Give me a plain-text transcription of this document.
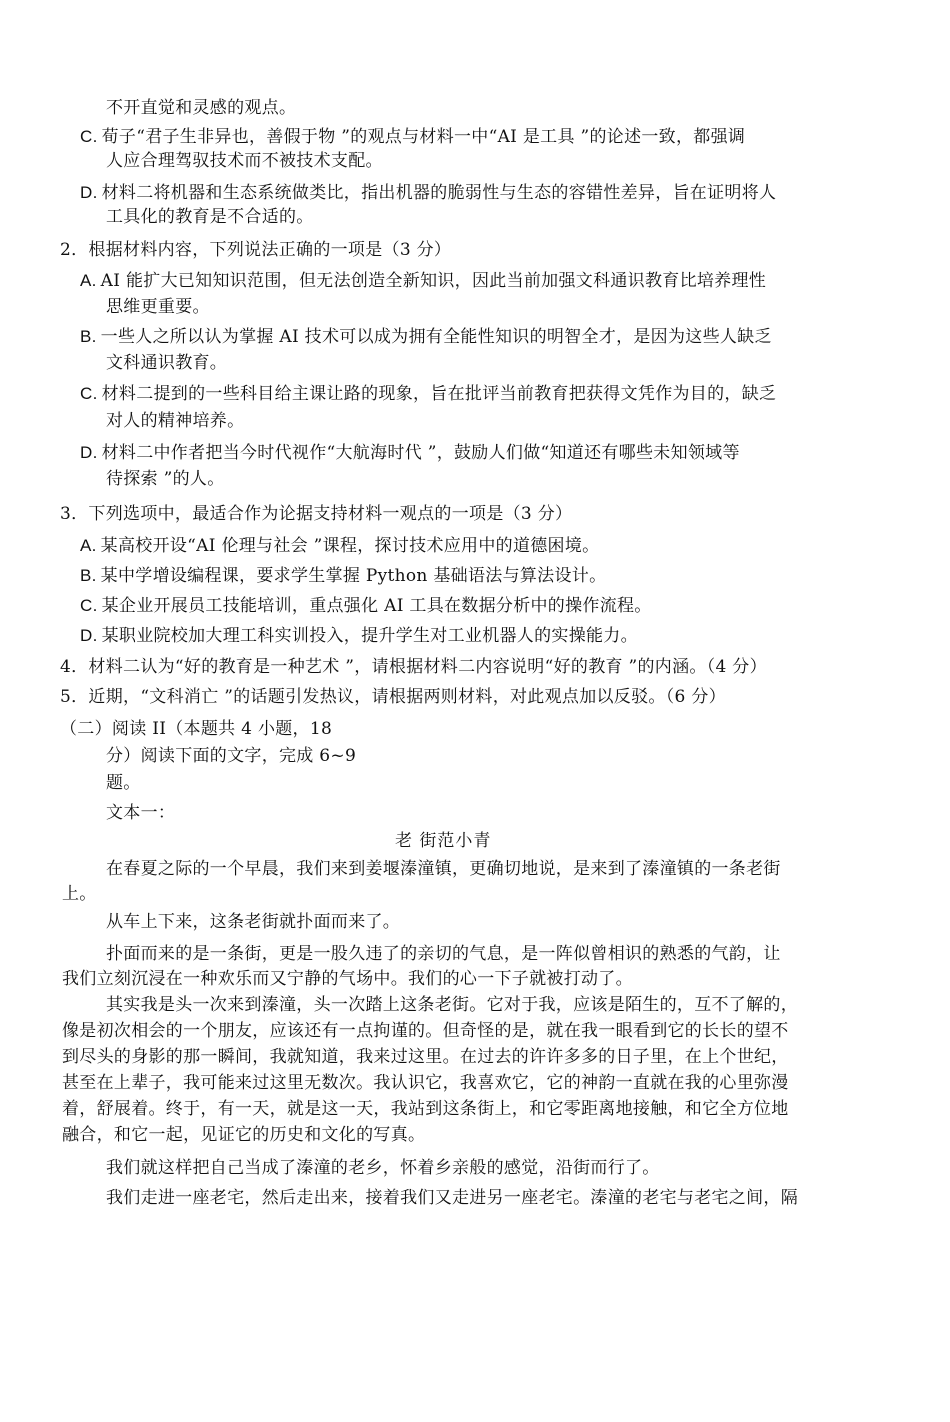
不开直觉和灵感的观点。
C. 荀子“君子生非异也，善假于物 ”的观点与材料一中“AI 是工具 ”的论述一致，都强调
人应合理驾驭技术而不被技术支配。
D. 材料二将机器和生态系统做类比，指出机器的脆弱性与生态的容错性差异，旨在证明将人
工具化的教育是不合适的。
2．根据材料内容，下列说法正确的一项是（3 分）
A. AI 能扩大已知知识范围，但无法创造全新知识，因此当前加强文科通识教育比培养理性
思维更重要。
B. 一些人之所以认为掌握 AI 技术可以成为拥有全能性知识的明智全才，是因为这些人缺乏
文科通识教育。
C. 材料二提到的一些科目给主课让路的现象，旨在批评当前教育把获得文凭作为目的，缺乏
对人的精神培养。
D. 材料二中作者把当今时代视作“大航海时代 ”，鼓励人们做“知道还有哪些未知领域等
待探索 ”的人。
3．下列选项中，最适合作为论据支持材料一观点的一项是（3 分）
A. 某高校开设“AI 伦理与社会 ”课程，探讨技术应用中的道德困境。
B. 某中学增设编程课，要求学生掌握 Python 基础语法与算法设计。
C. 某企业开展员工技能培训，重点强化 AI 工具在数据分析中的操作流程。
D. 某职业院校加大理工科实训投入，提升学生对工业机器人的实操能力。
4．材料二认为“好的教育是一种艺术 ”，请根据材料二内容说明“好的教育 ”的内涵。（4 分）
5．近期，“文科消亡 ”的话题引发热议，请根据两则材料，对此观点加以反驳。（6 分）
（二）阅读 II（本题共 4 小题，18
分）阅读下面的文字，完成 6~9
题。
文本一：
老 街范小青
在春夏之际的一个早晨，我们来到姜堰溱潼镇，更确切地说，是来到了溱潼镇的一条老街
上。
从车上下来，这条老街就扑面而来了。
扑面而来的是一条街，更是一股久违了的亲切的气息，是一阵似曾相识的熟悉的气韵，让
我们立刻沉浸在一种欢乐而又宁静的气场中。我们的心一下子就被打动了。
其实我是头一次来到溱潼，头一次踏上这条老街。它对于我，应该是陌生的，互不了解的，
像是初次相会的一个朋友，应该还有一点拘谨的。但奇怪的是，就在我一眼看到它的长长的望不
到尽头的身影的那一瞬间，我就知道，我来过这里。在过去的许许多多的日子里，在上个世纪，
甚至在上辈子，我可能来过这里无数次。我认识它，我喜欢它，它的神韵一直就在我的心里弥漫
着，舒展着。终于，有一天，就是这一天，我站到这条街上，和它零距离地接触，和它全方位地
融合，和它一起，见证它的历史和文化的写真。
我们就这样把自己当成了溱潼的老乡，怀着乡亲般的感觉，沿街而行了。
我们走进一座老宅，然后走出来，接着我们又走进另一座老宅。溱潼的老宅与老宅之间，隔
